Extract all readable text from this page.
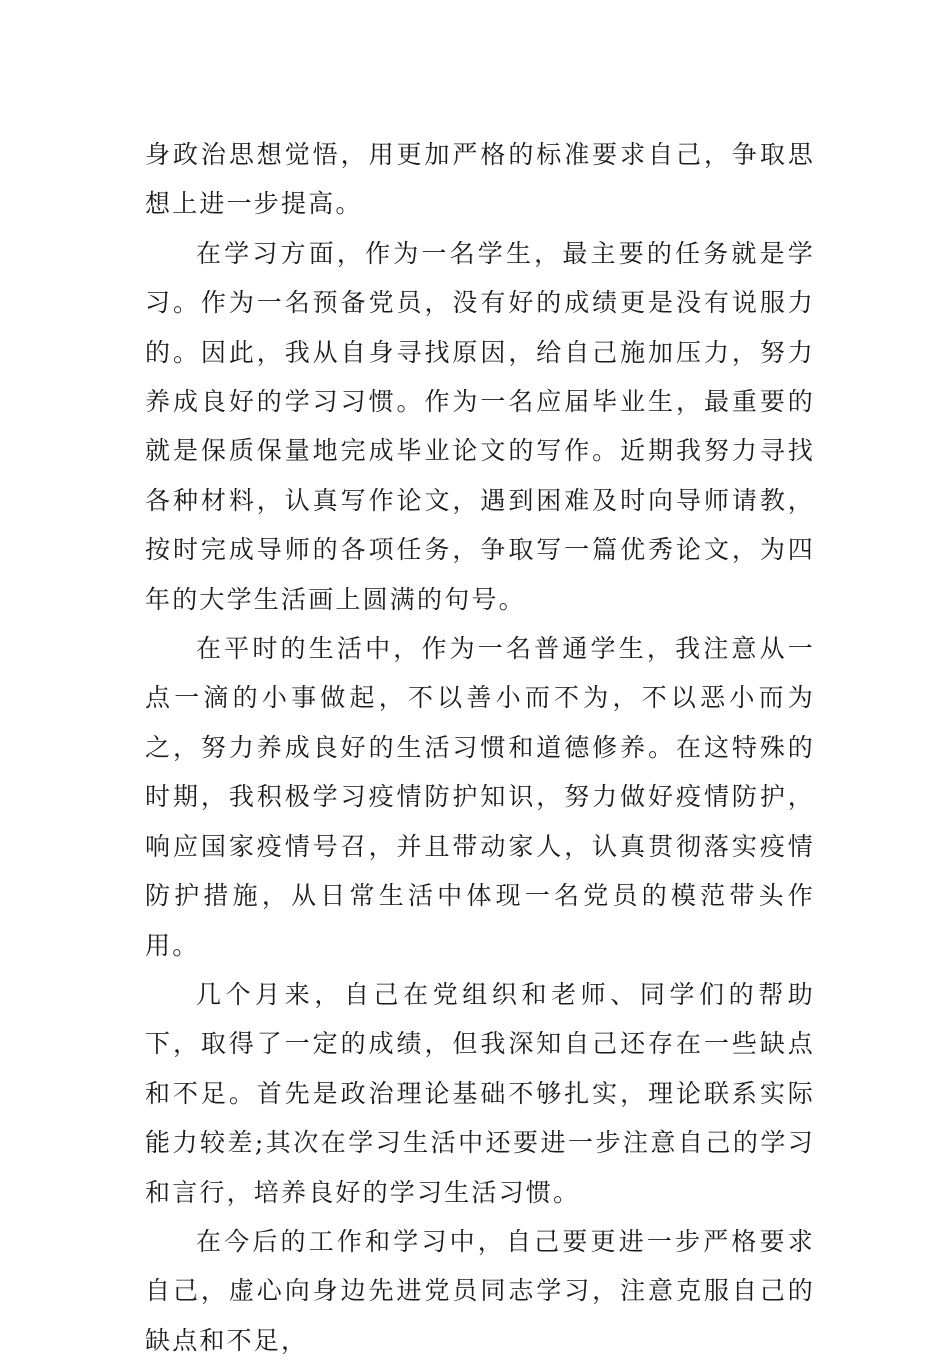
身政治思想觉悟，用更加严格的标准要求自己，争取思想上进一步提高。

在学习方面，作为一名学生，最主要的任务就是学习。作为一名预备党员，没有好的成绩更是没有说服力的。因此，我从自身寻找原因，给自己施加压力，努力养成良好的学习习惯。作为一名应届毕业生，最重要的就是保质保量地完成毕业论文的写作。近期我努力寻找各种材料，认真写作论文，遇到困难及时向导师请教，按时完成导师的各项任务，争取写一篇优秀论文，为四年的大学生活画上圆满的句号。

在平时的生活中，作为一名普通学生，我注意从一点一滴的小事做起，不以善小而不为，不以恶小而为之，努力养成良好的生活习惯和道德修养。在这特殊的时期，我积极学习疫情防护知识，努力做好疫情防护，响应国家疫情号召，并且带动家人，认真贯彻落实疫情防护措施，从日常生活中体现一名党员的模范带头作用。

几个月来，自己在党组织和老师、同学们的帮助下，取得了一定的成绩，但我深知自己还存在一些缺点和不足。首先是政治理论基础不够扎实，理论联系实际能力较差;其次在学习生活中还要进一步注意自己的学习和言行，培养良好的学习生活习惯。

在今后的工作和学习中，自己要更进一步严格要求自己，虚心向身边先进党员同志学习，注意克服自己的缺点和不足，
